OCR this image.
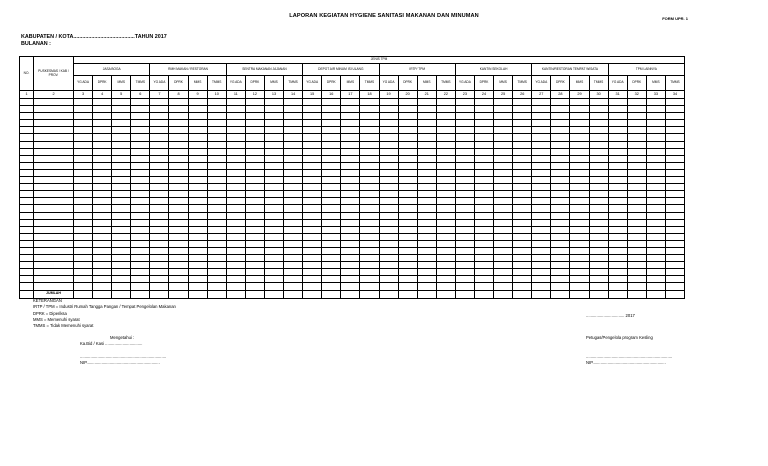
LAPORAN KEGIATAN HYGIENE SANITASI MAKANAN DAN MINUMAN	FORM UPR. 1
KABUPATEN / KOTA.........................................TAHUN 2017
BULANAN :
NO.	PUSKESMAS / KAB / PROV.	JENIS TPM																															
		JASA BOGA				RMH MAKAN / RESTORAN				SENTRA MAKANAN JAJANAN				DEPOT AIR MINUM ISI ULANG				IRTP/ TPM				KANTIN SEKOLAH				KANTIN/RESTORAN TEMPAT WISATA				TPM LAINNYA			
		YG ADA	DPRK	MMS	TMMS	YG ADA	DPRK	MMS	TMMS	YG ADA	DPRK	MMS	TMMS	YG ADA	DPRK	MMS	TMMS	YG ADA	DPRK	MMS	TMMS	YG ADA	DPRK	MMS	TMMS	YG ADA	DPRK	MMS	TMMS	YG ADA	DPRK	MMS	TMMS
1	2	3	4	5	6	7	8	9	10	11	12	13	14	15	16	17	18	19	20	21	22	23	24	25	26	27	28	29	30	31	32	33	34

	JUMLAH																																
KETERANGAN
IRTP / TPM = Industri Rumah Tangga Pangan / Tempat Pengelolan Makanan
DPRK = Diperiksa
MMS = Memenuhi syarat
TMMS = Tidak Memenuhi syarat
................................. 2017
Mengetahui :
Ka.Bid / Kasi ................................
Petugas/Pengelola program Kesling
..........................................................................
NIP...............................................................
..........................................................................
NIP...............................................................
